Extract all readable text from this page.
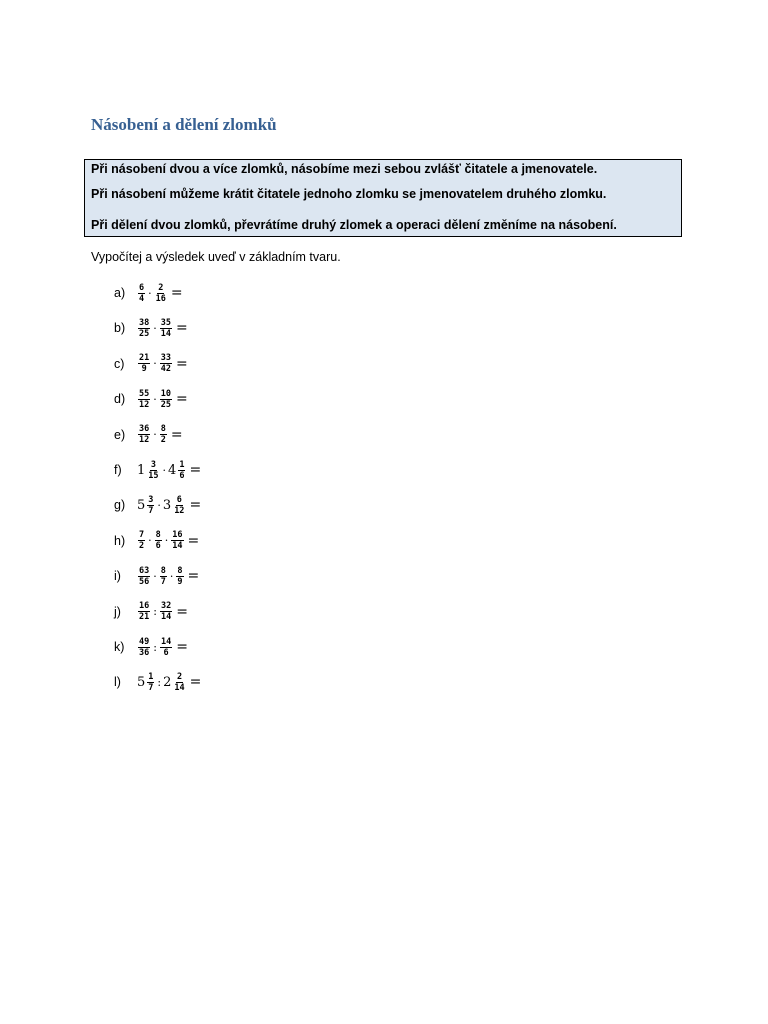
Násobení a dělení zlomků
Při násobení dvou a více zlomků, násobíme mezi sebou zvlášť čitatele a jmenovatele.
Při násobení můžeme krátit čitatele jednoho zlomku se jmenovatelem druhého zlomku.
Při dělení dvou zlomků, převrátíme druhý zlomek a operaci dělení změníme na násobení.
Vypočítej a výsledek uveď v základním tvaru.
a)	$\frac{6}{4} \cdot \frac{2}{16}$ =
b)	$\frac{38}{25} \cdot \frac{35}{14}$ =
c)	$\frac{21}{9} \cdot \frac{33}{42}$ =
d)	$\frac{55}{12} \cdot \frac{10}{25}$ =
e)	$\frac{36}{12} \cdot \frac{8}{2}$ =
f)	$1 \frac{3}{15} \cdot 4 \frac{1}{6}$ =
g) $5 \frac{3}{7} \cdot 3 \frac{6}{12}$ =
h)	$\frac{7}{2} \cdot \frac{8}{6} \cdot \frac{16}{14}$ =
i)	$\frac{63}{56} \cdot \frac{8}{7} \cdot \frac{8}{9}$ =
j)	$\frac{16}{21}$ : $\frac{32}{14}$ =
k)	$\frac{49}{36}$ : $\frac{14}{6}$ =
l)	$5 \frac{1}{7}$ : $2 \frac{2}{14}$ =
